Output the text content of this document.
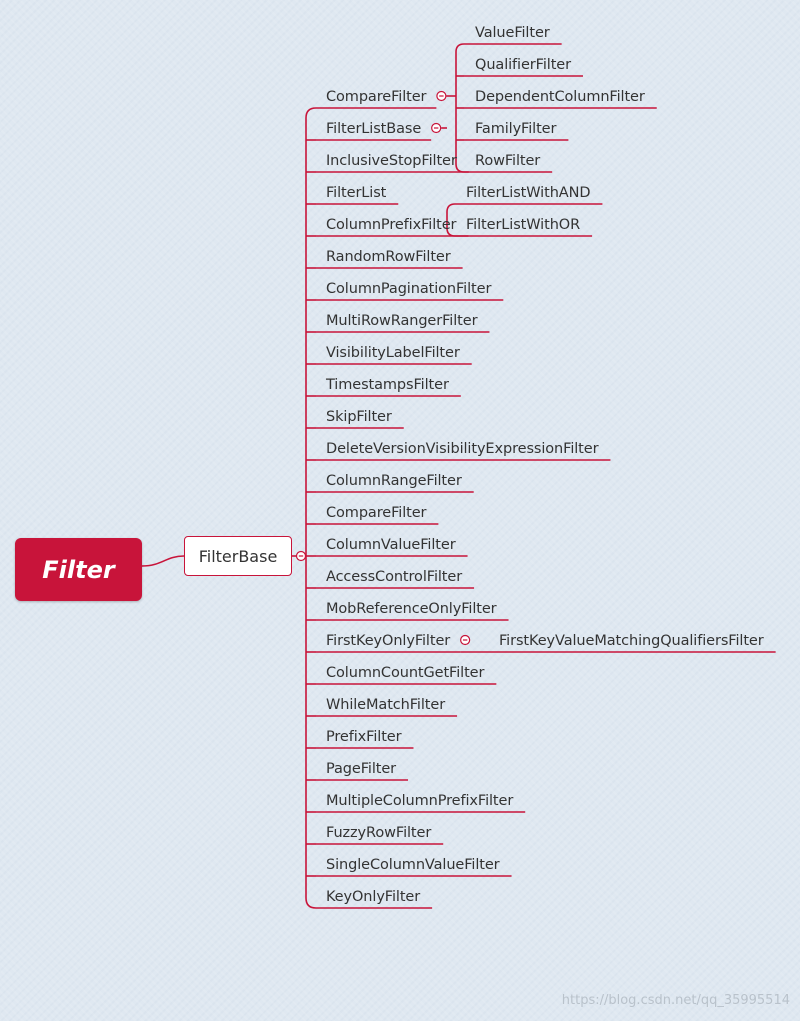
Filter	FilterBase
CompareFilter
ValueFilter
QualifierFilter
DependentColumnFilter
FamilyFilter
RowFilter
FilterListBase
FilterListWithAND
FilterListWithOR
InclusiveStopFilter
FilterList
ColumnPrefixFilter
RandomRowFilter
ColumnPaginationFilter
MultiRowRangerFilter
VisibilityLabelFilter
TimestampsFilter
SkipFilter
DeleteVersionVisibilityExpressionFilter
ColumnRangeFilter
CompareFilter
ColumnValueFilter
AccessControlFilter
MobReferenceOnlyFilter
FirstKeyOnlyFilter	FirstKeyValueMatchingQualifiersFilter
ColumnCountGetFilter
WhileMatchFilter
PrefixFilter
PageFilter
MultipleColumnPrefixFilter
FuzzyRowFilter
SingleColumnValueFilter
KeyOnlyFilter
https://blog.csdn.net/qq_35995514
